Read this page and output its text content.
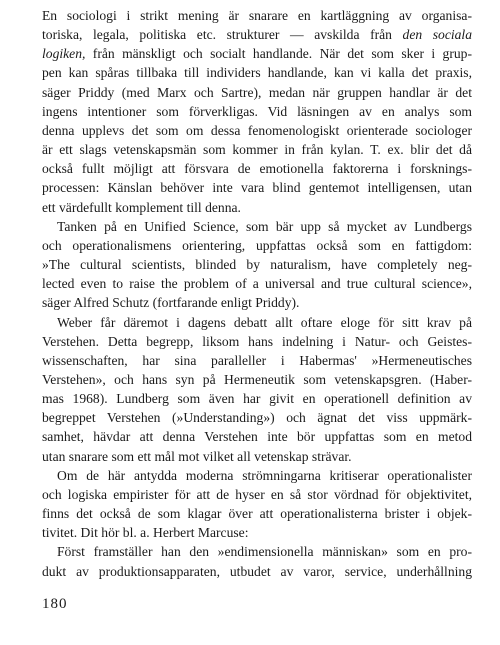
En sociologi i strikt mening är snarare en kartläggning av organisa-
toriska, legala, politiska etc. strukturer — avskilda från den sociala
logiken, från mänskligt och socialt handlande. När det som sker i grup-
pen kan spåras tillbaka till individers handlande, kan vi kalla det praxis,
säger Priddy (med Marx och Sartre), medan när gruppen handlar är det
ingens intentioner som förverkligas. Vid läsningen av en analys som
denna upplevs det som om dessa fenomenologiskt orienterade sociologer
är ett slags vetenskapsmän som kommer in från kylan. T. ex. blir det då
också fullt möjligt att försvara de emotionella faktorerna i forsknings-
processen: Känslan behöver inte vara blind gentemot intelligensen, utan
ett värdefullt komplement till denna.
Tanken på en Unified Science, som bär upp så mycket av Lundbergs
och operationalismens orientering, uppfattas också som en fattigdom:
»The cultural scientists, blinded by naturalism, have completely neg-
lected even to raise the problem of a universal and true cultural science»,
säger Alfred Schutz (fortfarande enligt Priddy).
Weber får däremot i dagens debatt allt oftare eloge för sitt krav på
Verstehen. Detta begrepp, liksom hans indelning i Natur- och Geistes-
wissenschaften, har sina paralleller i Habermas' »Hermeneutisches
Verstehen», och hans syn på Hermeneutik som vetenskapsgren. (Haber-
mas 1968). Lundberg som även har givit en operationell definition av
begreppet Verstehen (»Understanding») och ägnat det viss uppmärk-
samhet, hävdar att denna Verstehen inte bör uppfattas som en metod
utan snarare som ett mål mot vilket all vetenskap strävar.
Om de här antydda moderna strömningarna kritiserar operationalister
och logiska empirister för att de hyser en så stor vördnad för objektivitet,
finns det också de som klagar över att operationalisterna brister i objek-
tivitet. Dit hör bl. a. Herbert Marcuse:
Först framställer han den »endimensionella människan» som en pro-
dukt av produktionsapparaten, utbudet av varor, service, underhållning
180
